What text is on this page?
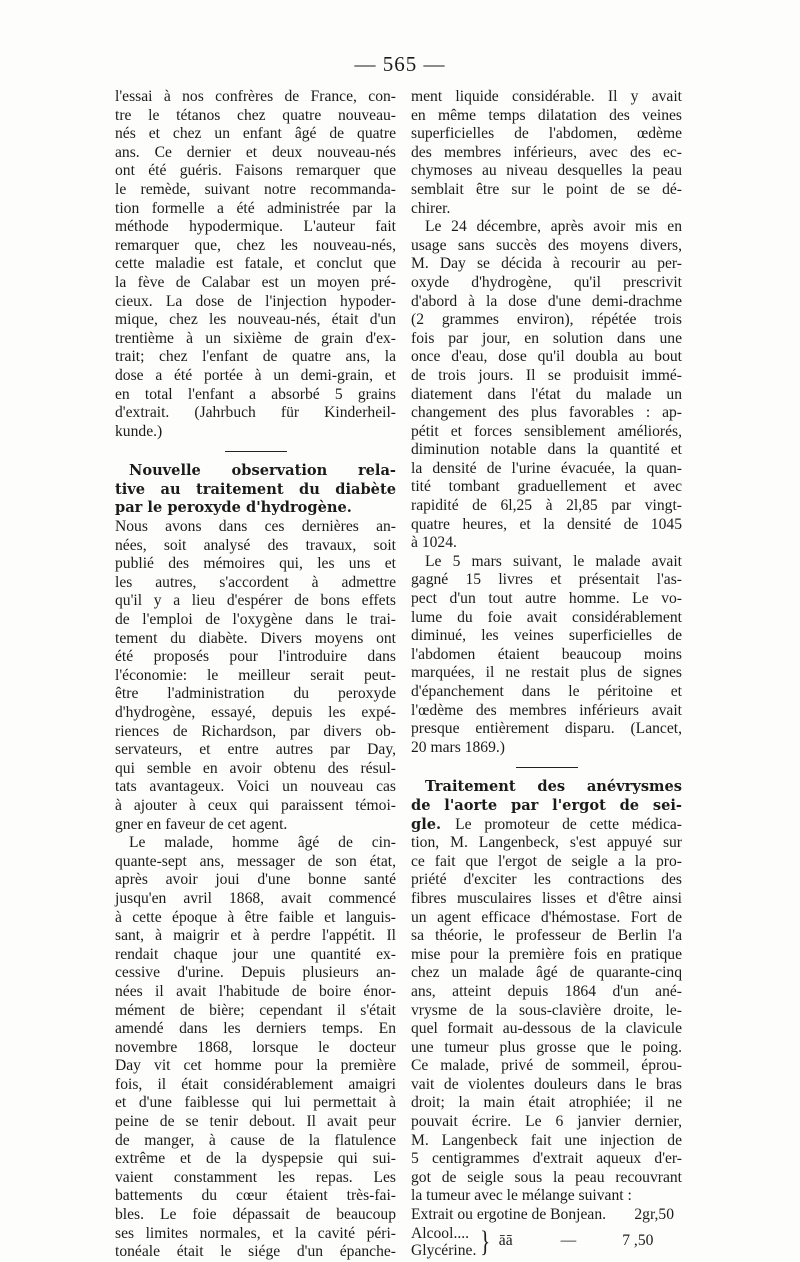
— 565 —
l'essai à nos confrères de France, con-
tre le tétanos chez quatre nouveau-
nés et chez un enfant âgé de quatre
ans. Ce dernier et deux nouveau-nés
ont été guéris. Faisons remarquer que
le remède, suivant notre recommanda-
tion formelle a été administrée par la
méthode hypodermique. L'auteur fait
remarquer que, chez les nouveau-nés,
cette maladie est fatale, et conclut que
la fève de Calabar est un moyen pré-
cieux. La dose de l'injection hypoder-
mique, chez les nouveau-nés, était d'un
trentième à un sixième de grain d'ex-
trait; chez l'enfant de quatre ans, la
dose a été portée à un demi-grain, et
en total l'enfant a absorbé 5 grains
d'extrait. (Jahrbuch für Kinderheil-
kunde.)
Nouvelle observation rela-
tive au traitement du diabète
par le peroxyde d'hydrogène.
Nous avons dans ces dernières an-
nées, soit analysé des travaux, soit
publié des mémoires qui, les uns et
les autres, s'accordent à admettre
qu'il y a lieu d'espérer de bons effets
de l'emploi de l'oxygène dans le trai-
tement du diabète. Divers moyens ont
été proposés pour l'introduire dans
l'économie: le meilleur serait peut-
être l'administration du peroxyde
d'hydrogène, essayé, depuis les expé-
riences de Richardson, par divers ob-
servateurs, et entre autres par Day,
qui semble en avoir obtenu des résul-
tats avantageux. Voici un nouveau cas
à ajouter à ceux qui paraissent témoi-
gner en faveur de cet agent.
Le malade, homme âgé de cin-
quante-sept ans, messager de son état,
après avoir joui d'une bonne santé
jusqu'en avril 1868, avait commencé
à cette époque à être faible et languis-
sant, à maigrir et à perdre l'appétit. Il
rendait chaque jour une quantité ex-
cessive d'urine. Depuis plusieurs an-
nées il avait l'habitude de boire énor-
mément de bière; cependant il s'était
amendé dans les derniers temps. En
novembre 1868, lorsque le docteur
Day vit cet homme pour la première
fois, il était considérablement amaigri
et d'une faiblesse qui lui permettait à
peine de se tenir debout. Il avait peur
de manger, à cause de la flatulence
extrême et de la dyspepsie qui sui-
vaient constamment les repas. Les
battements du cœur étaient très-fai-
bles. Le foie dépassait de beaucoup
ses limites normales, et la cavité péri-
tonéale était le siége d'un épanche-
ment liquide considérable. Il y avait
en même temps dilatation des veines
superficielles de l'abdomen, œdème
des membres inférieurs, avec des ec-
chymoses au niveau desquelles la peau
semblait être sur le point de se dé-
chirer.
Le 24 décembre, après avoir mis en
usage sans succès des moyens divers,
M. Day se décida à recourir au per-
oxyde d'hydrogène, qu'il prescrivit
d'abord à la dose d'une demi-drachme
(2 grammes environ), répétée trois
fois par jour, en solution dans une
once d'eau, dose qu'il doubla au bout
de trois jours. Il se produisit immé-
diatement dans l'état du malade un
changement des plus favorables : ap-
pétit et forces sensiblement améliorés,
diminution notable dans la quantité et
la densité de l'urine évacuée, la quan-
tité tombant graduellement et avec
rapidité de 6l,25 à 2l,85 par vingt-
quatre heures, et la densité de 1045
à 1024.
Le 5 mars suivant, le malade avait
gagné 15 livres et présentait l'as-
pect d'un tout autre homme. Le vo-
lume du foie avait considérablement
diminué, les veines superficielles de
l'abdomen étaient beaucoup moins
marquées, il ne restait plus de signes
d'épanchement dans le péritoine et
l'œdème des membres inférieurs avait
presque entièrement disparu. (Lancet,
20 mars 1869.)
Traitement des anévrysmes
de l'aorte par l'ergot de sei-
gle. Le promoteur de cette médica-
tion, M. Langenbeck, s'est appuyé sur
ce fait que l'ergot de seigle a la pro-
priété d'exciter les contractions des
fibres musculaires lisses et d'être ainsi
un agent efficace d'hémostase. Fort de
sa théorie, le professeur de Berlin l'a
mise pour la première fois en pratique
chez un malade âgé de quarante-cinq
ans, atteint depuis 1864 d'un ané-
vrysme de la sous-clavière droite, le-
quel formait au-dessous de la clavicule
une tumeur plus grosse que le poing.
Ce malade, privé de sommeil, éprou-
vait de violentes douleurs dans le bras
droit; la main était atrophiée; il ne
pouvait écrire. Le 6 janvier dernier,
M. Langenbeck fait une injection de
5 centigrammes d'extrait aqueux d'er-
got de seigle sous la peau recouvrant
la tumeur avec le mélange suivant :
Extrait ou ergotine de Bonjean. 2gr,50
Alcool....
Glycérine. } āā	—	7 ,50
